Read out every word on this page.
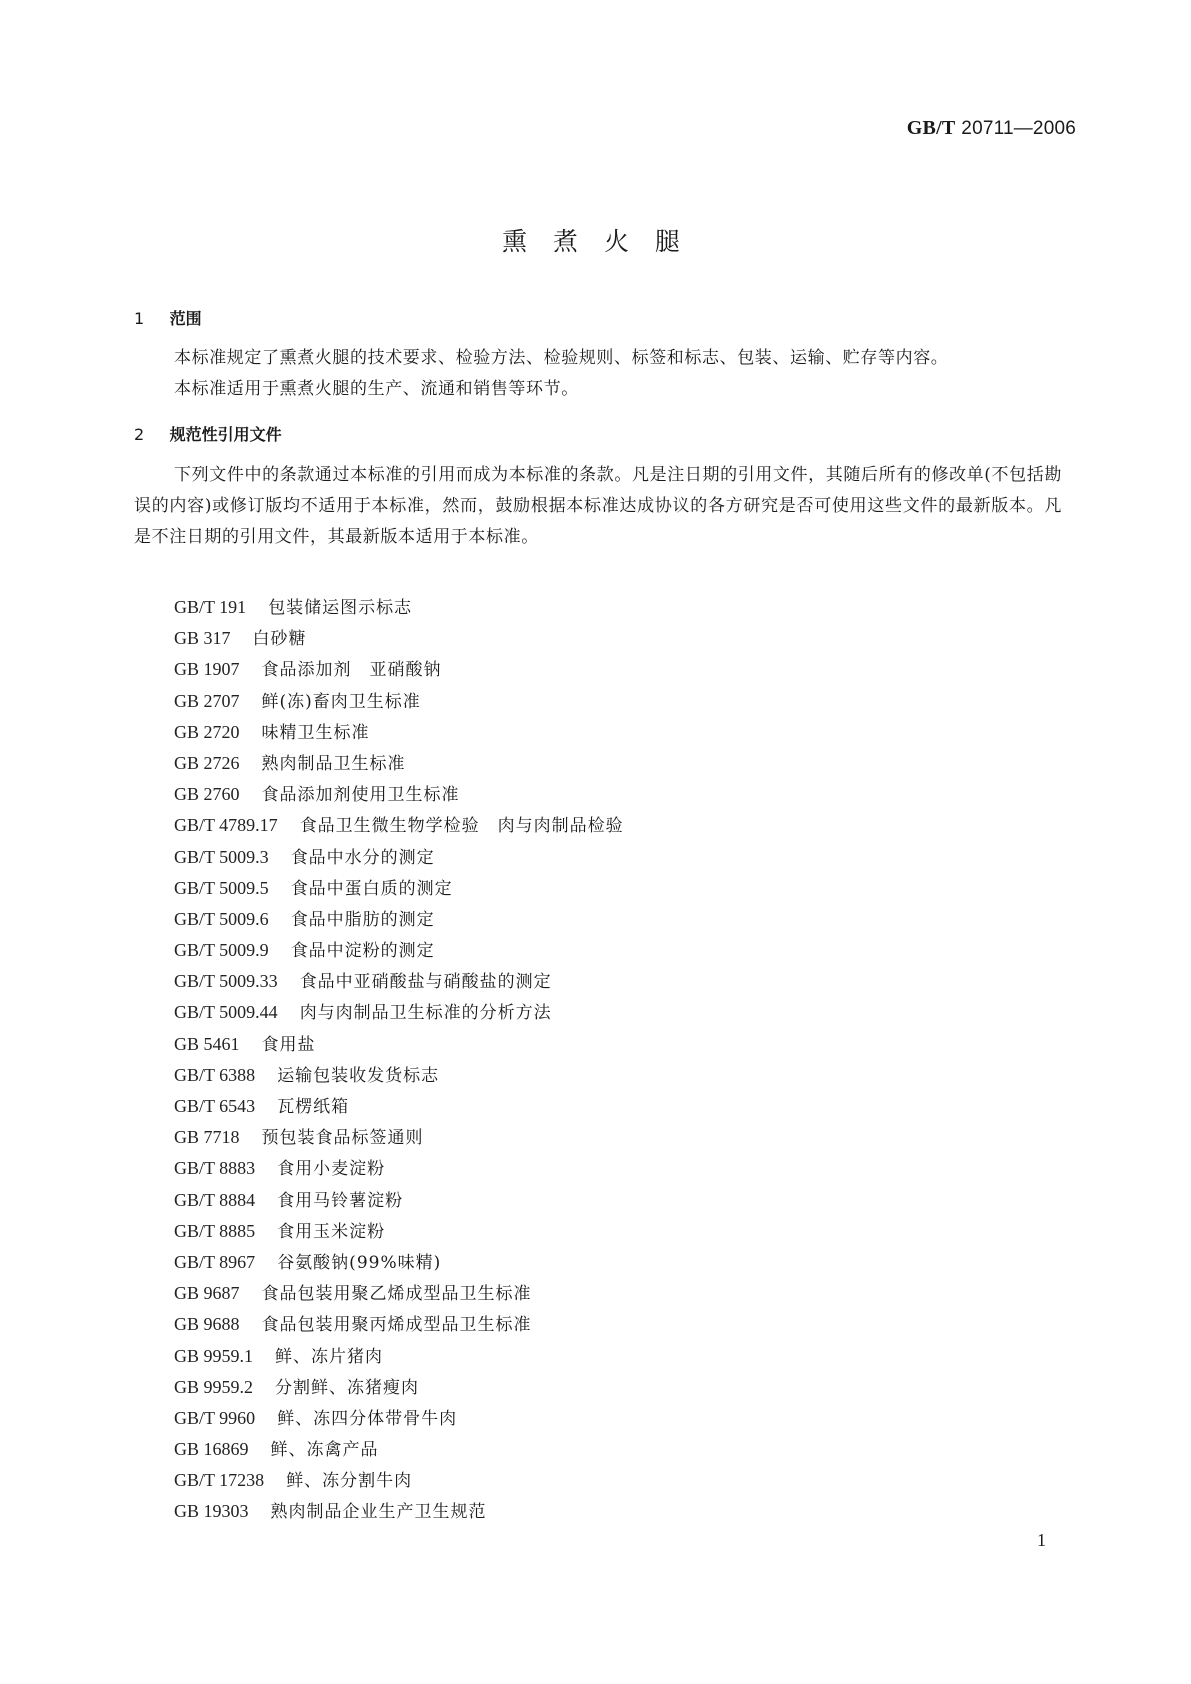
GB/T 20711—2006
熏 煮 火 腿
1 范围
本标准规定了熏煮火腿的技术要求、检验方法、检验规则、标签和标志、包装、运输、贮存等内容。
本标准适用于熏煮火腿的生产、流通和销售等环节。
2 规范性引用文件
下列文件中的条款通过本标准的引用而成为本标准的条款。凡是注日期的引用文件，其随后所有的修改单(不包括勘误的内容)或修订版均不适用于本标准，然而，鼓励根据本标准达成协议的各方研究是否可使用这些文件的最新版本。凡是不注日期的引用文件，其最新版本适用于本标准。
GB/T 191 包装储运图示标志
GB 317 白砂糖
GB 1907 食品添加剂　亚硝酸钠
GB 2707鲜(冻)畜肉卫生标准
GB 2720 味精卫生标准
GB 2726 熟肉制品卫生标准
GB 2760 食品添加剂使用卫生标准
GB/T 4789.17 食品卫生微生物学检验　肉与肉制品检验
GB/T 5009.3 食品中水分的测定
GB/T 5009.5 食品中蛋白质的测定
GB/T 5009.6 食品中脂肪的测定
GB/T 5009.9 食品中淀粉的测定
GB/T 5009.33 食品中亚硝酸盐与硝酸盐的测定
GB/T 5009.44 肉与肉制品卫生标准的分析方法
GB 5461 食用盐
GB/T 6388 运输包装收发货标志
GB/T 6543 瓦楞纸箱
GB 7718 预包装食品标签通则
GB/T 8883 食用小麦淀粉
GB/T 8884 食用马铃薯淀粉
GB/T 8885 食用玉米淀粉
GB/T 8967 谷氨酸钠(99%味精)
GB 9687 食品包装用聚乙烯成型品卫生标准
GB 9688 食品包装用聚丙烯成型品卫生标准
GB 9959.1 鲜、冻片猪肉
GB 9959.2 分割鲜、冻猪瘦肉
GB/T 9960 鲜、冻四分体带骨牛肉
GB 16869 鲜、冻禽产品
GB/T 17238 鲜、冻分割牛肉
GB 19303 熟肉制品企业生产卫生规范
1
